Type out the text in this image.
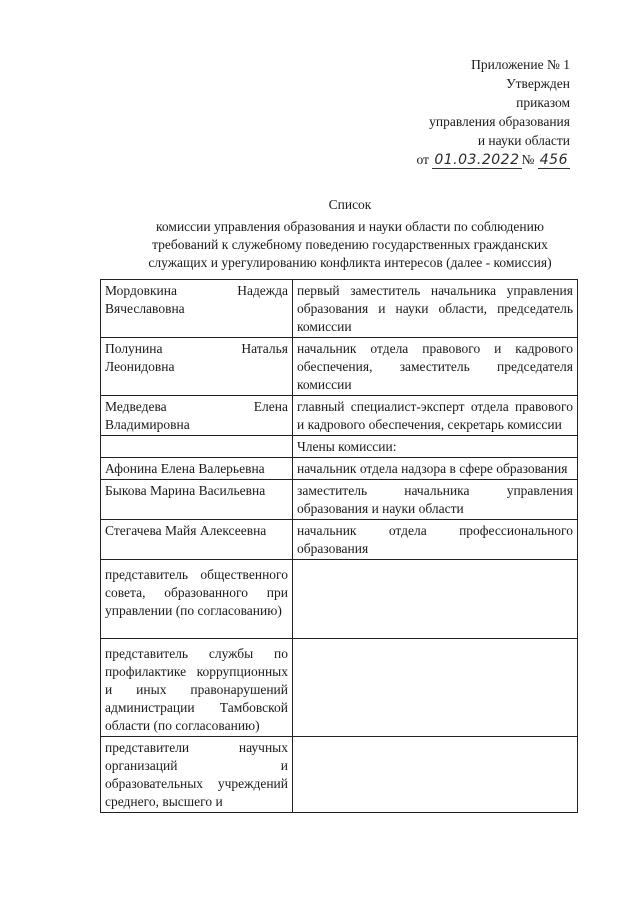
Приложение № 1
Утвержден
приказом
управления образования
и науки области
от 01.03.2022 № 456
Список
комиссии управления образования и науки области по соблюдению
требований к служебному поведению государственных гражданских
служащих и урегулированию конфликта интересов (далее - комиссия)
Мордовкина Надежда
Вячеславовна	первый заместитель начальника управления образования и науки области, председатель комиссии

Полунина Наталья
Леонидовна	начальник отдела правового и кадрового обеспечения, заместитель председателя комиссии

Медведева Елена
Владимировна	главный специалист-эксперт отдела правового и кадрового обеспечения, секретарь комиссии
	Члены комиссии:
Афонина Елена Валерьевна	начальник отдела надзора в сфере образования
Быкова Марина Васильевна	заместитель начальника управления образования и науки области
Стегачева Майя Алексеевна	начальник отдела профессионального образования
представитель общественного совета, образованного при управлении (по согласованию)	
представитель службы по профилактике коррупционных и иных правонарушений администрации Тамбовской области (по согласованию)	
представители научных организаций и образовательных учреждений среднего, высшего и	
